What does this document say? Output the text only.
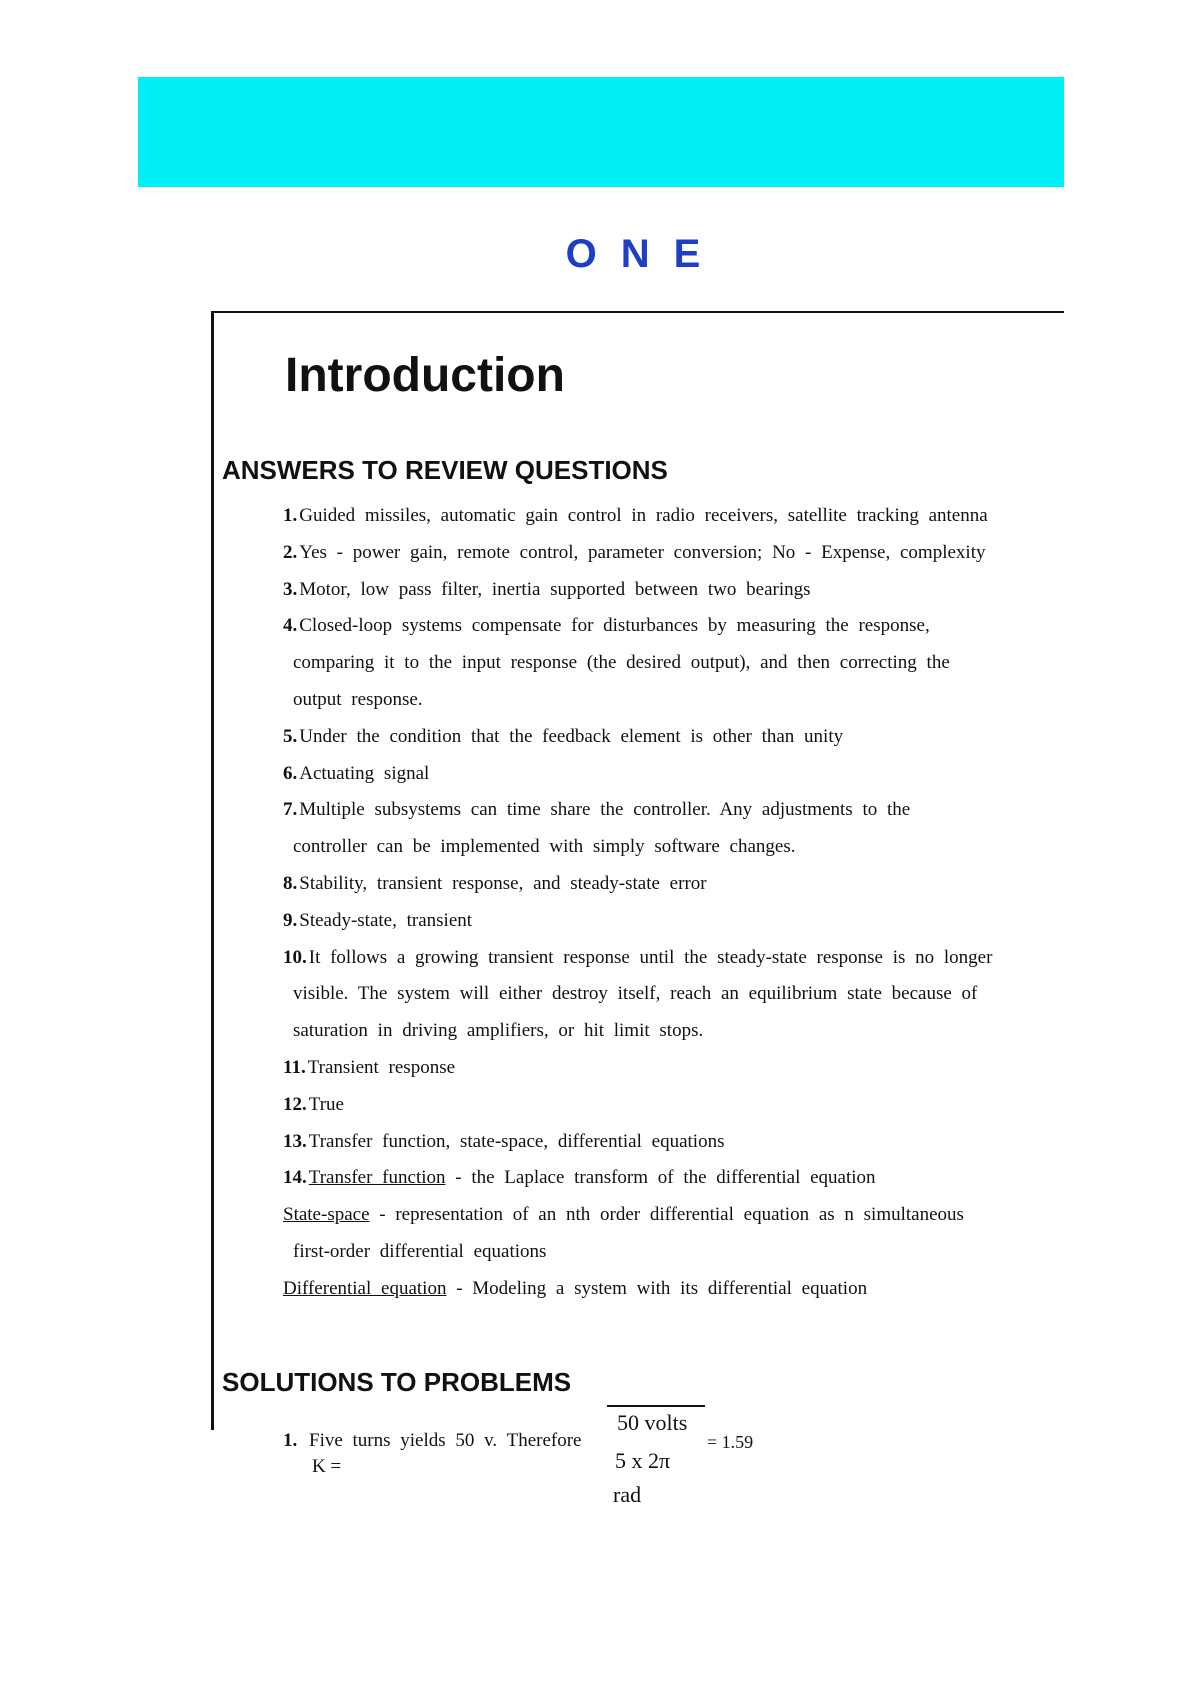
ONE
Introduction
ANSWERS TO REVIEW QUESTIONS
1. Guided missiles, automatic gain control in radio receivers, satellite tracking antenna
2. Yes - power gain, remote control, parameter conversion; No - Expense, complexity
3. Motor, low pass filter, inertia supported between two bearings
4. Closed-loop systems compensate for disturbances by measuring the response,
comparing it to the input response (the desired output), and then correcting the
output response.
5. Under the condition that the feedback element is other than unity
6. Actuating signal
7. Multiple subsystems can time share the controller. Any adjustments to the
controller can be implemented with simply software changes.
8. Stability, transient response, and steady-state error
9. Steady-state, transient
10. It follows a growing transient response until the steady-state response is no longer
visible. The system will either destroy itself, reach an equilibrium state because of
saturation in driving amplifiers, or hit limit stops.
11. Transient response
12. True
13. Transfer function, state-space, differential equations
14. Transfer function - the Laplace transform of the differential equation
State-space - representation of an nth order differential equation as n simultaneous
first-order differential equations
Differential equation - Modeling a system with its differential equation
SOLUTIONS TO PROBLEMS
1. Five turns yields 50 v. Therefore
K =
50 volts
5 x 2π
rad
= 1.59
